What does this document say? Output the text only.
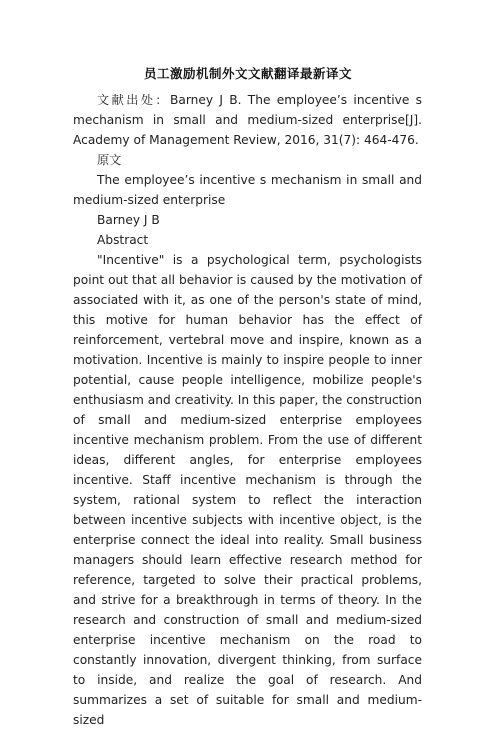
员工激励机制外文文献翻译最新译文

文献出处：Barney J B. The employee’s incentive s mechanism in small and medium-sized enterprise[J]. Academy of Management Review, 2016, 31(7): 464-476.

原文

The employee’s incentive s mechanism in small and medium-sized enterprise

Barney J B

Abstract

"Incentive" is a psychological term, psychologists point out that all behavior is caused by the motivation of associated with it, as one of the person's state of mind, this motive for human behavior has the effect of reinforcement, vertebral move and inspire, known as a motivation. Incentive is mainly to inspire people to inner potential, cause people intelligence, mobilize people's enthusiasm and creativity. In this paper, the construction of small and medium-sized enterprise employees incentive mechanism problem. From the use of different ideas, different angles, for enterprise employees incentive. Staff incentive mechanism is through the system, rational system to reflect the interaction between incentive subjects with incentive object, is the enterprise connect the ideal into reality. Small business managers should learn effective research method for reference, targeted to solve their practical problems, and strive for a breakthrough in terms of theory. In the research and construction of small and medium-sized enterprise incentive mechanism on the road to constantly innovation, divergent thinking, from surface to inside, and realize the goal of research. And summarizes a set of suitable for small and medium-sized
